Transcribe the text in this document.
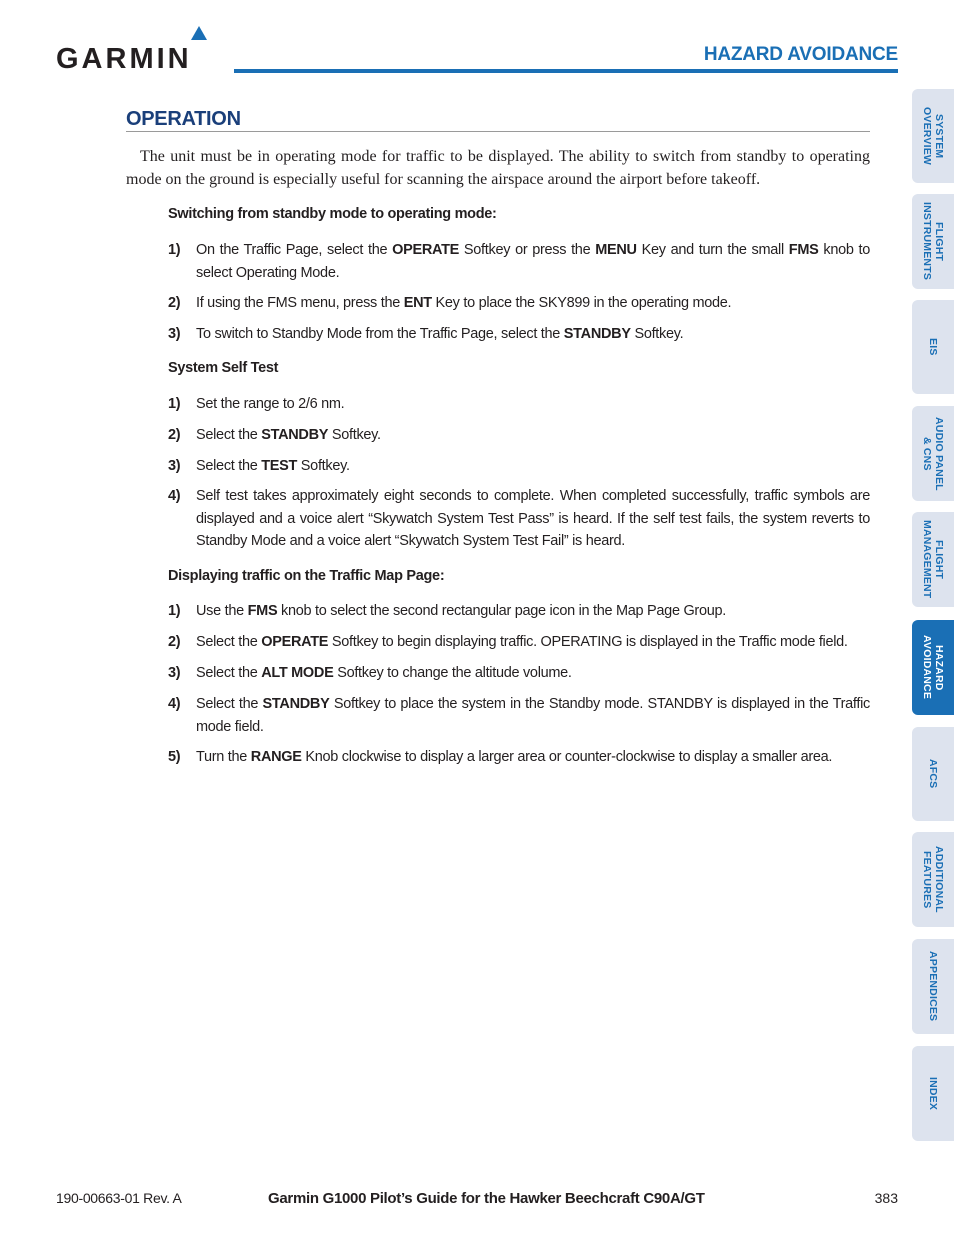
GARMIN	HAZARD AVOIDANCE
OPERATION

The unit must be in operating mode for traffic to be displayed. The ability to switch from standby to operating mode on the ground is especially useful for scanning the airspace around the airport before takeoff.

Switching from standby mode to operating mode:
1) On the Traffic Page, select the OPERATE Softkey or press the MENU Key and turn the small FMS knob to select Operating Mode.
2) If using the FMS menu, press the ENT Key to place the SKY899 in the operating mode.
3) To switch to Standby Mode from the Traffic Page, select the STANDBY Softkey.
System Self Test
1) Set the range to 2/6 nm.
2) Select the STANDBY Softkey.
3) Select the TEST Softkey.
4) Self test takes approximately eight seconds to complete. When completed successfully, traffic symbols are displayed and a voice alert “Skywatch System Test Pass” is heard. If the self test fails, the system reverts to Standby Mode and a voice alert “Skywatch System Test Fail” is heard.
Displaying traffic on the Traffic Map Page:
1) Use the FMS knob to select the second rectangular page icon in the Map Page Group.
2) Select the OPERATE Softkey to begin displaying traffic. OPERATING is displayed in the Traffic mode field.
3) Select the ALT MODE Softkey to change the altitude volume.
4) Select the STANDBY Softkey to place the system in the Standby mode. STANDBY is displayed in the Traffic mode field.
5) Turn the RANGE Knob clockwise to display a larger area or counter-clockwise to display a smaller area.
SYSTEM
OVERVIEW
FLIGHT
INSTRUMENTS
EIS
AUDIO PANEL
& CNS
FLIGHT
MANAGEMENT
HAZARD
AVOIDANCE
AFCS
ADDITIONAL
FEATURES
APPENDICES
INDEX
190-00663-01 Rev. A	Garmin G1000 Pilot’s Guide for the Hawker Beechcraft C90A/GT	383
